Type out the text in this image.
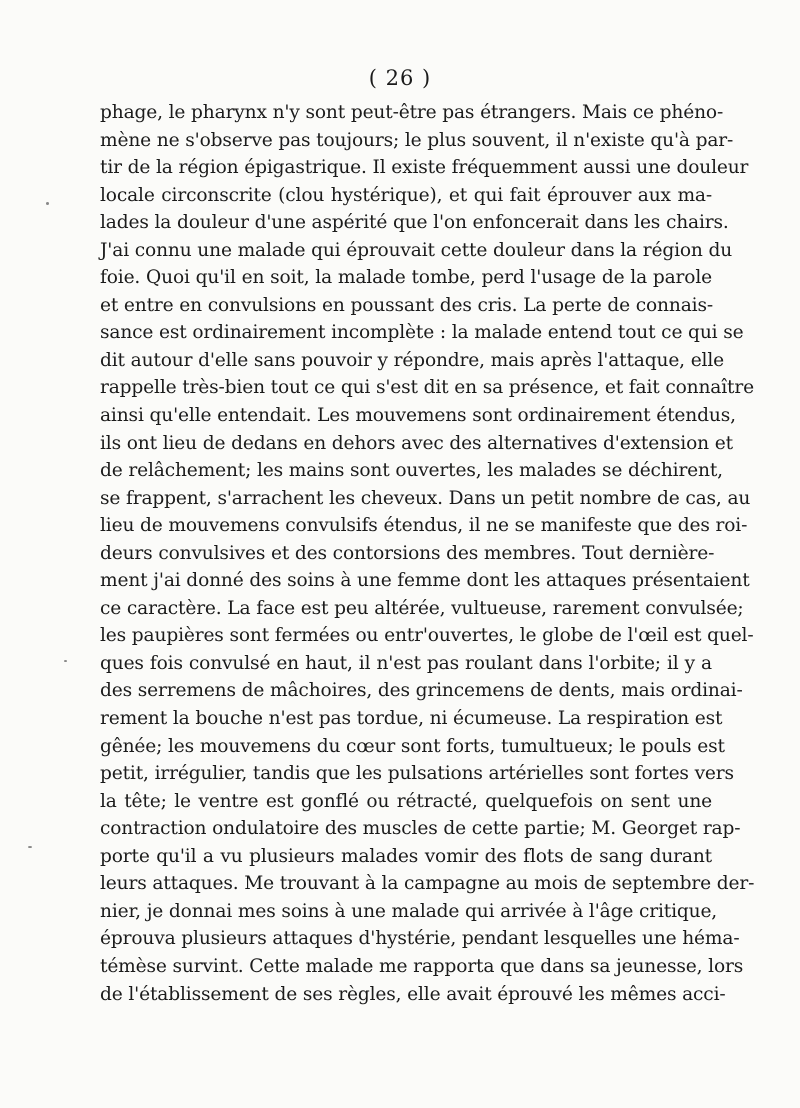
( 26 )
phage, le pharynx n'y sont peut-être pas étrangers. Mais ce phéno-
mène ne s'observe pas toujours; le plus souvent, il n'existe qu'à par-
tir de la région épigastrique. Il existe fréquemment aussi une douleur
locale circonscrite (clou hystérique), et qui fait éprouver aux ma-
lades la douleur d'une aspérité que l'on enfoncerait dans les chairs.
J'ai connu une malade qui éprouvait cette douleur dans la région du
foie. Quoi qu'il en soit, la malade tombe, perd l'usage de la parole
et entre en convulsions en poussant des cris. La perte de connais-
sance est ordinairement incomplète : la malade entend tout ce qui se
dit autour d'elle sans pouvoir y répondre, mais après l'attaque, elle
rappelle très-bien tout ce qui s'est dit en sa présence, et fait connaître
ainsi qu'elle entendait. Les mouvemens sont ordinairement étendus,
ils ont lieu de dedans en dehors avec des alternatives d'extension et
de relâchement; les mains sont ouvertes, les malades se déchirent,
se frappent, s'arrachent les cheveux. Dans un petit nombre de cas, au
lieu de mouvemens convulsifs étendus, il ne se manifeste que des roi-
deurs convulsives et des contorsions des membres. Tout dernière-
ment j'ai donné des soins à une femme dont les attaques présentaient
ce caractère. La face est peu altérée, vultueuse, rarement convulsée;
les paupières sont fermées ou entr'ouvertes, le globe de l'œil est quel-
ques fois convulsé en haut, il n'est pas roulant dans l'orbite; il y a
des serremens de mâchoires, des grincemens de dents, mais ordinai-
rement la bouche n'est pas tordue, ni écumeuse. La respiration est
gênée; les mouvemens du cœur sont forts, tumultueux; le pouls est
petit, irrégulier, tandis que les pulsations artérielles sont fortes vers
la tête; le ventre est gonflé ou rétracté, quelquefois on sent une
contraction ondulatoire des muscles de cette partie; M. Georget rap-
porte qu'il a vu plusieurs malades vomir des flots de sang durant
leurs attaques. Me trouvant à la campagne au mois de septembre der-
nier, je donnai mes soins à une malade qui arrivée à l'âge critique,
éprouva plusieurs attaques d'hystérie, pendant lesquelles une héma-
témèse survint. Cette malade me rapporta que dans sa jeunesse, lors
de l'établissement de ses règles, elle avait éprouvé les mêmes acci-
